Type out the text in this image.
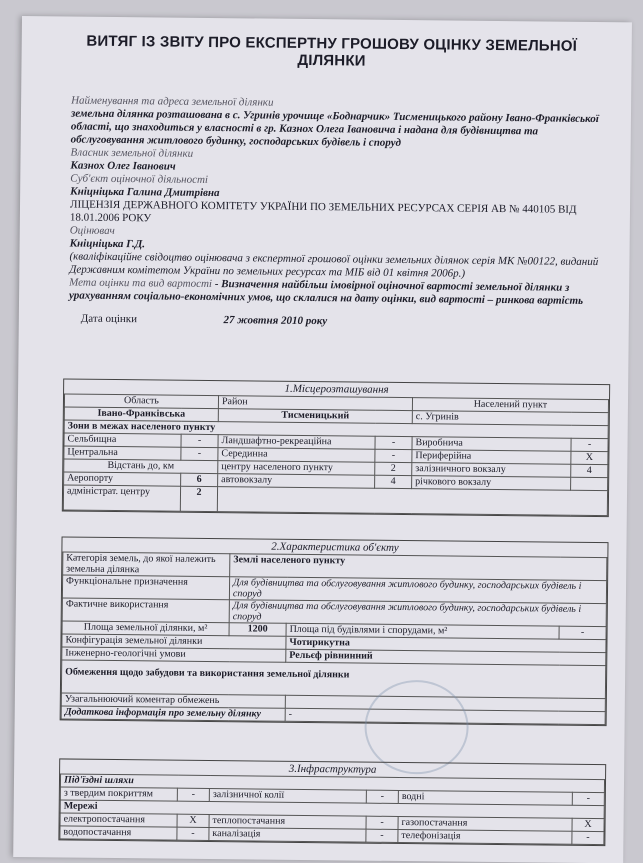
ВИТЯГ ІЗ ЗВІТУ ПРО ЕКСПЕРТНУ ГРОШОВУ ОЦІНКУ ЗЕМЕЛЬНОЇ ДІЛЯНКИ
Найменування та адреса земельної ділянки
земельна ділянка розташована в с. Угринів урочище «Боднарчик» Тисменицького району Івано-Франківської області, що знаходиться у власності в гр. Казнох Олега Івановича і надана для будівництва та обслуговування житлового будинку, господарських будівель і споруд
Власник земельної ділянки
Казнох Олег Іванович
Суб'єкт оціночної діяльності
Кніцніцька Галина Дмитрівна
ЛІЦЕНЗІЯ ДЕРЖАВНОГО КОМІТЕТУ УКРАЇНИ ПО ЗЕМЕЛЬНИХ РЕСУРСАХ СЕРІЯ АВ № 440105 ВІД 18.01.2006 РОКУ
Оцінювач
Кніцніцька Г.Д.
(кваліфікаційне свідоцтво оцінювача з експертної грошової оцінки земельних ділянок серія МК №00122, виданий Державним комітетом України по земельних ресурсах та МІБ від 01 квітня 2006р.)
Мета оцінки та вид вартості - Визначення найбільш імовірної оціночної вартості земельної ділянки з урахуванням соціально-економічних умов, що склалися на дату оцінки, вид вартості – ринкова вартість
Дата оцінки	27 жовтня 2010 року
1.Місцерозташування
Область		Район		Населений пункт	
Івано-Франківська		Тисменицький		с. Угринів	
Зони в межах населеного пункту					
Сельбищна	-	Ландшафтно-рекреаційна	-	Виробнича	-
Центральна	-	Серединна	-	Периферійна	X
Відстань до, км		центру населеного пункту	2	залізничного вокзалу	4
Аеропорту	6	автовокзалу	4	річкового вокзалу	
адміністрат. центру	2				
2.Характеристика об'єкту
Категорія земель, до якої належить земельна ділянка	Землі населеного пункту		
Функціональне призначення	Для будівництва та обслуговування житлового будинку, господарських будівель і споруд		
Фактичне використання	Для будівництва та обслуговування житлового будинку, господарських будівель і споруд		
Площа земельної ділянки, м²	1200	Площа під будівлями і спорудами, м²	-
Конфігурація земельної ділянки		Чотирикутна	
Інженерно-геологічні умови		Рельєф рівнинний	
Обмеження щодо забудови та використання земельної ділянки			
Узагальнюючий коментар обмежень			
Додаткова інформація про земельну ділянку		-	
3.Інфраструктура
Під'їздні шляхи					
з твердим покриттям	-	залізничної колії	-	водні	-
Мережі					
електропостачання	X	теплопостачання	-	газопостачання	X
водопостачання	-	каналізація	-	телефонізація	-
